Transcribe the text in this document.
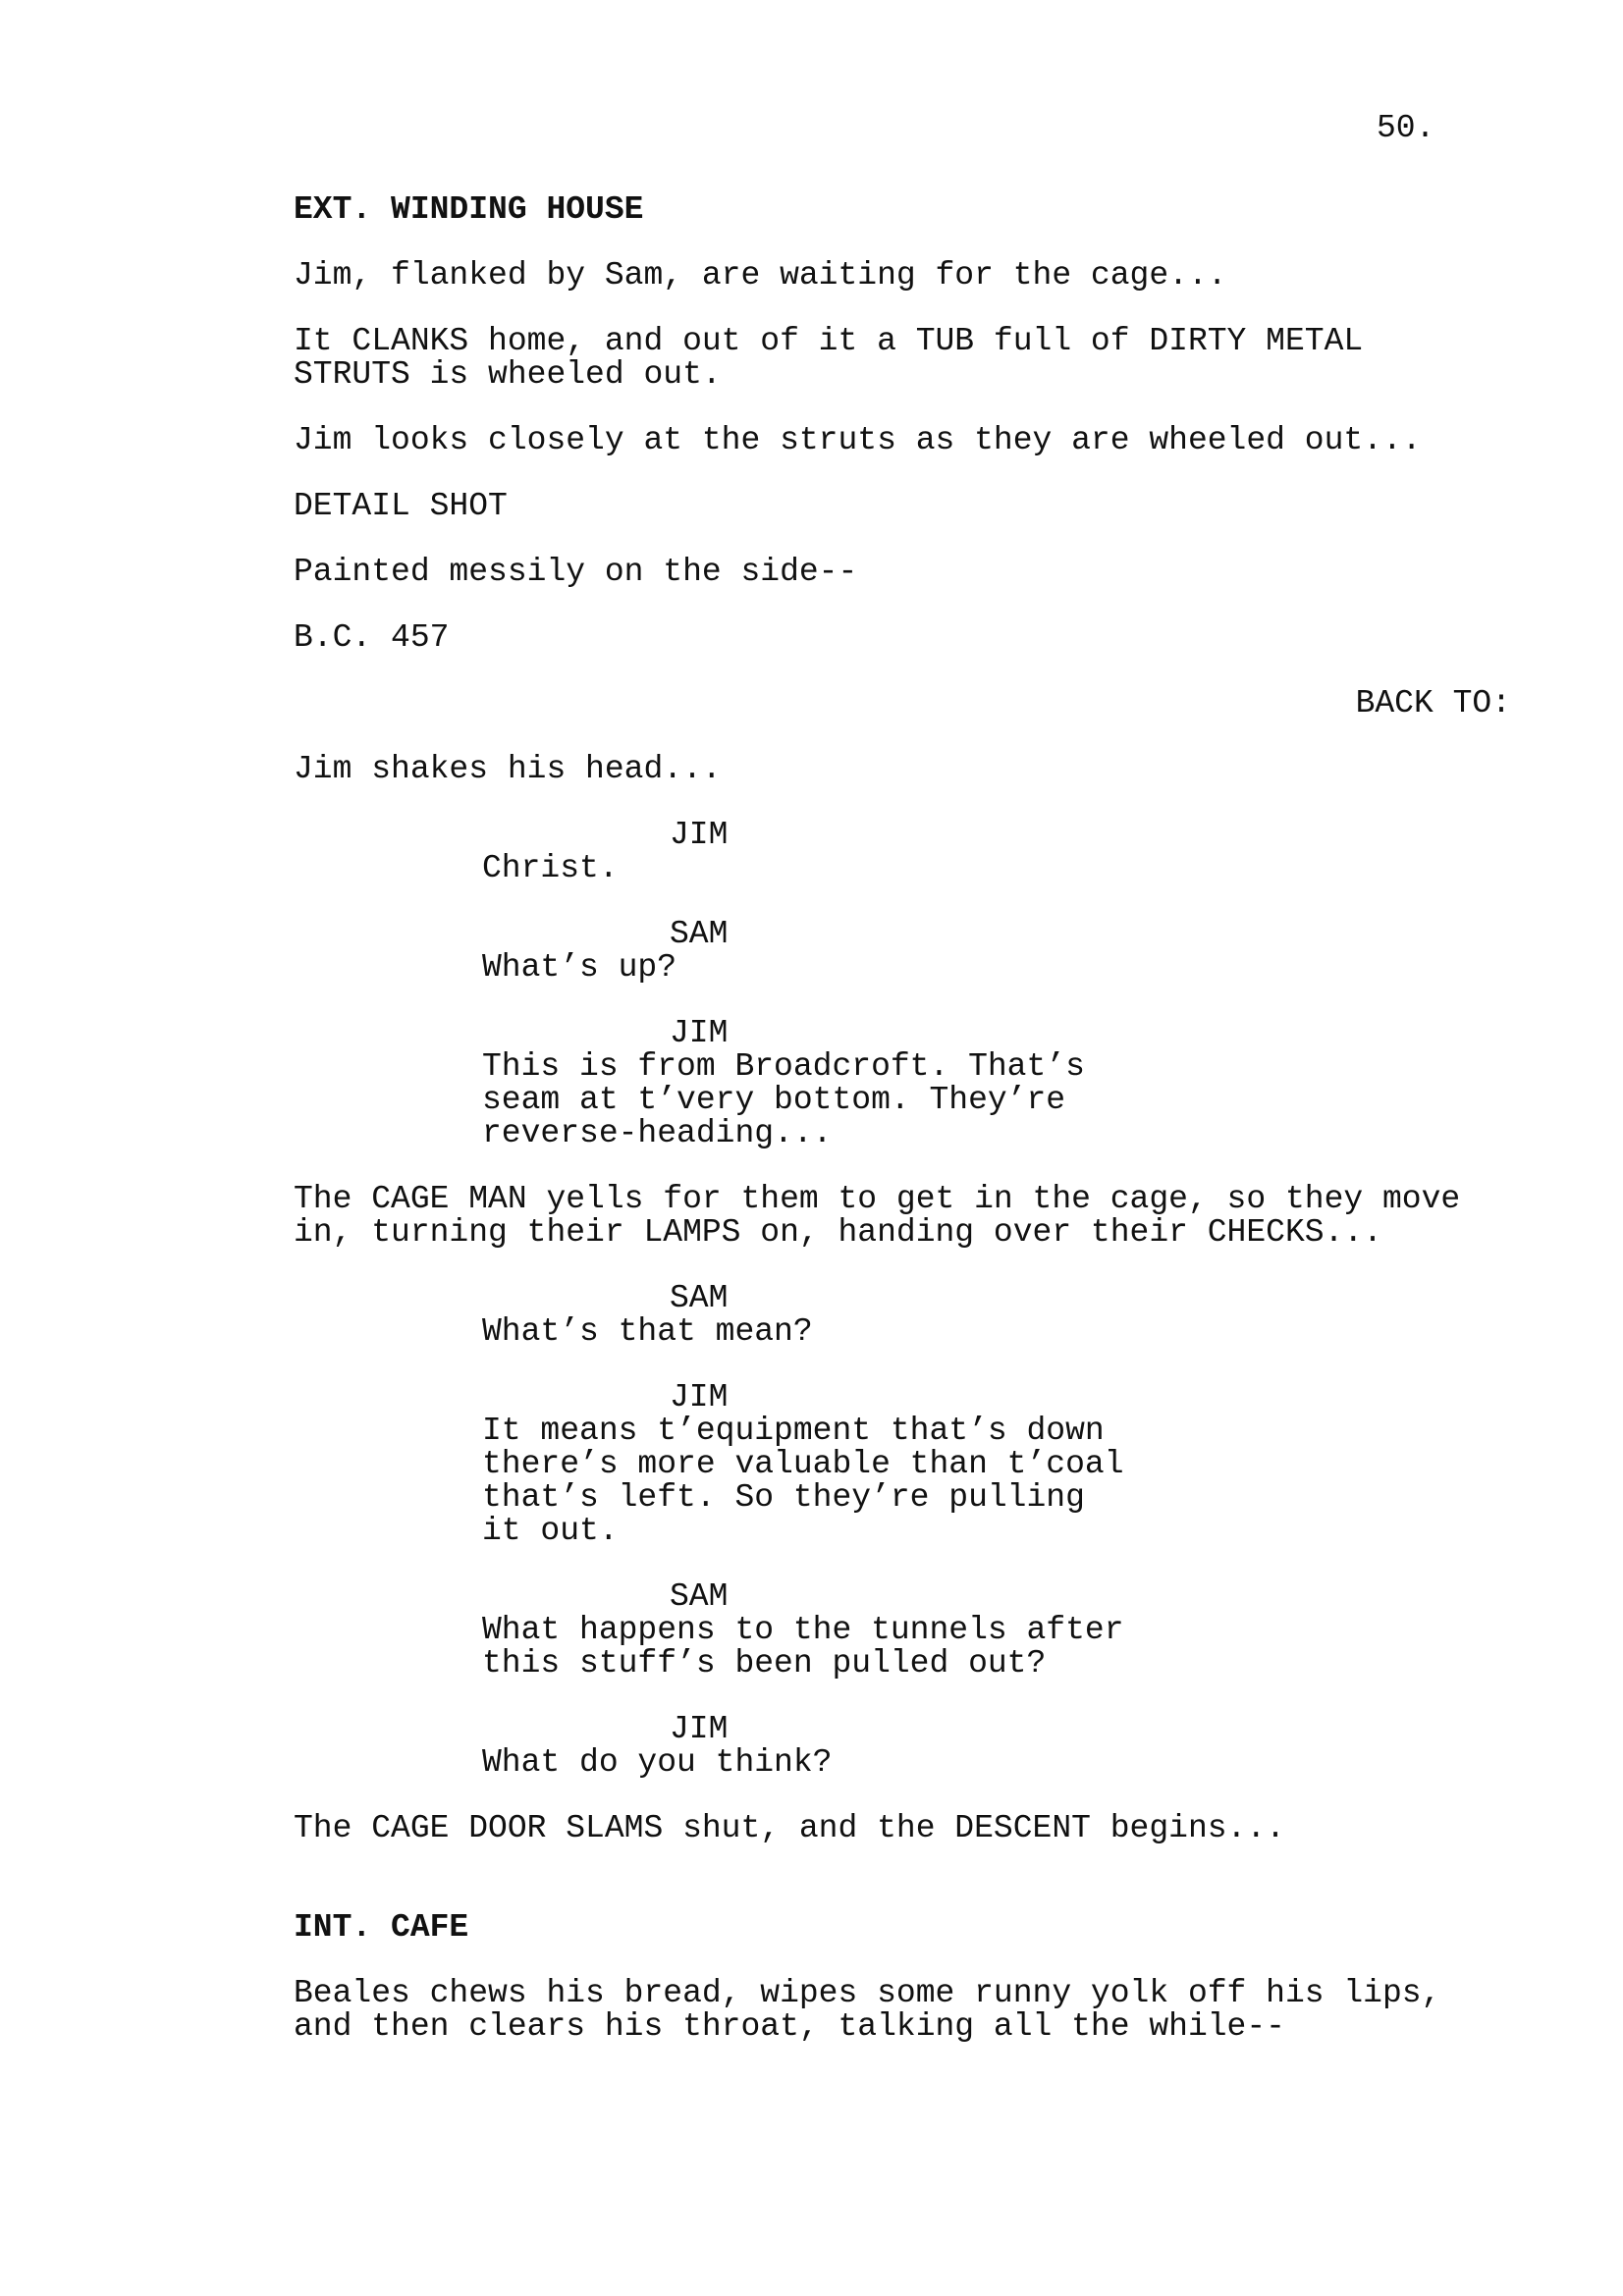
50.
EXT. WINDING HOUSE
Jim, flanked by Sam, are waiting for the cage...
It CLANKS home, and out of it a TUB full of DIRTY METAL
STRUTS is wheeled out.
Jim looks closely at the struts as they are wheeled out...
DETAIL SHOT
Painted messily on the side--
B.C. 457
BACK TO:
Jim shakes his head...
JIM
Christ.
SAM
What’s up?
JIM
This is from Broadcroft. That’s
seam at t’very bottom. They’re
reverse-heading...
The CAGE MAN yells for them to get in the cage, so they move
in, turning their LAMPS on, handing over their CHECKS...
SAM
What’s that mean?
JIM
It means t’equipment that’s down
there’s more valuable than t’coal
that’s left. So they’re pulling
it out.
SAM
What happens to the tunnels after
this stuff’s been pulled out?
JIM
What do you think?
The CAGE DOOR SLAMS shut, and the DESCENT begins...
INT. CAFE
Beales chews his bread, wipes some runny yolk off his lips,
and then clears his throat, talking all the while--
